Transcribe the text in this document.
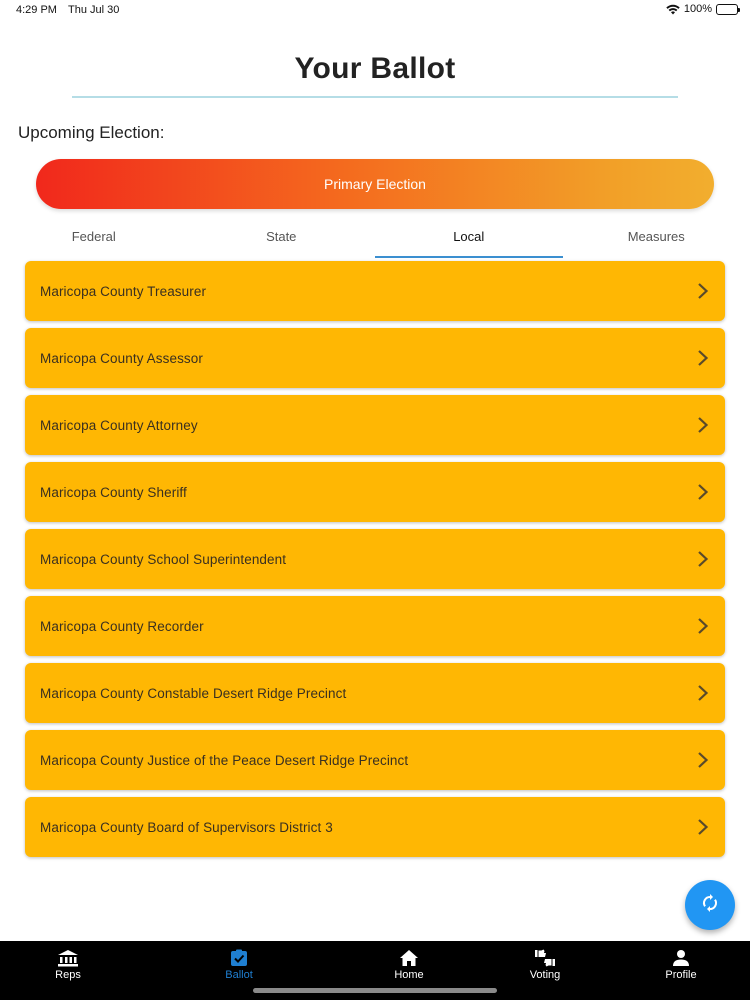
4:29 PM Thu Jul 30	100%
Your Ballot
Upcoming Election:
Primary Election
Federal	State	Local	Measures
Maricopa County Treasurer
Maricopa County Assessor
Maricopa County Attorney
Maricopa County Sheriff
Maricopa County School Superintendent
Maricopa County Recorder
Maricopa County Constable Desert Ridge Precinct
Maricopa County Justice of the Peace Desert Ridge Precinct
Maricopa County Board of Supervisors District 3
Reps	Ballot	Home	Voting	Profile
